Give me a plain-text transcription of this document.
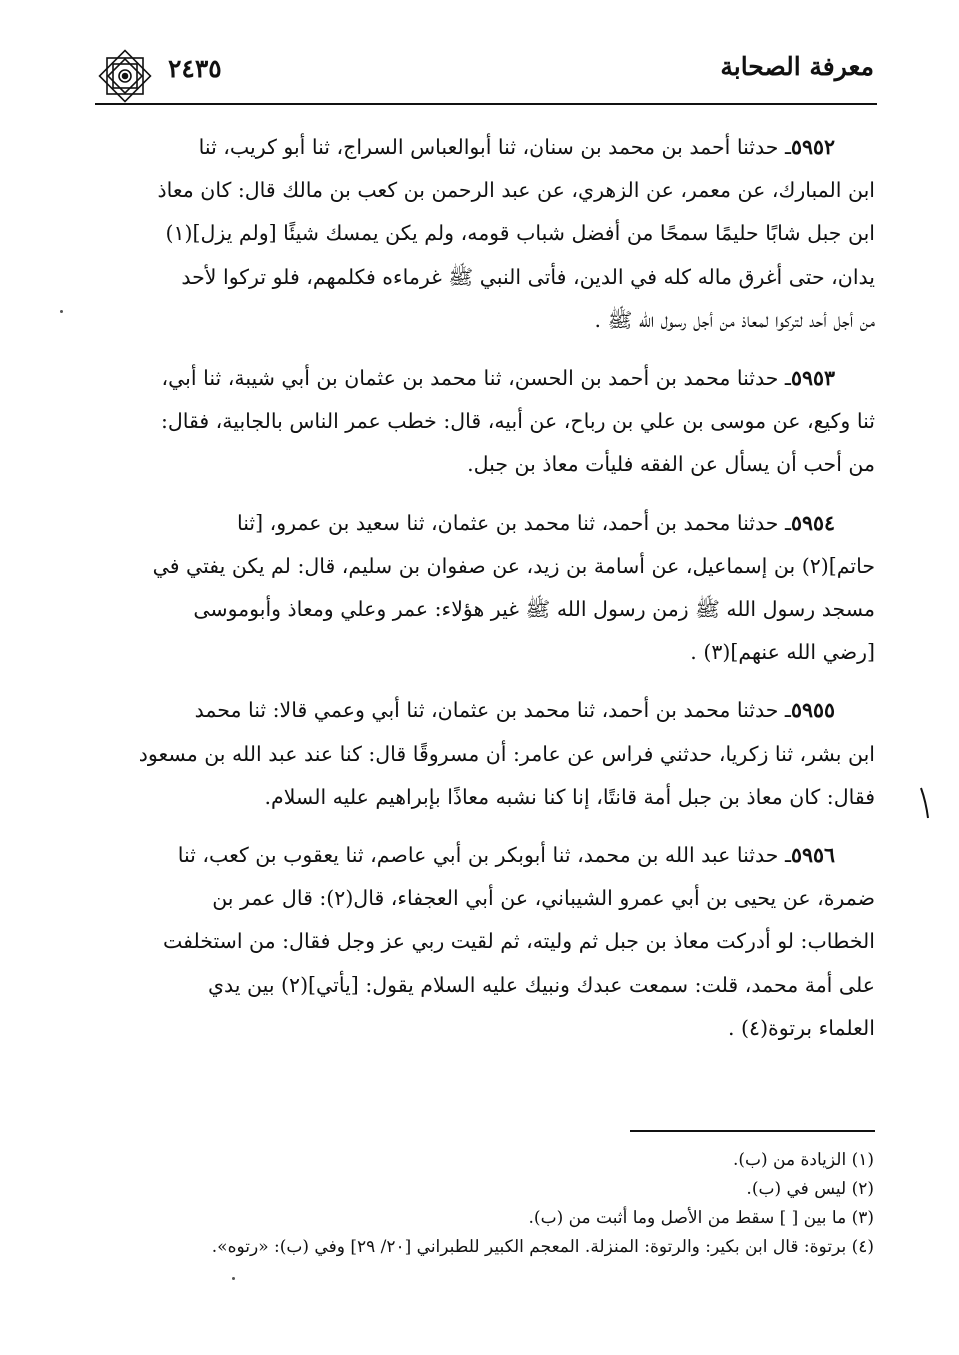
معرفة الصحابة
٢٤٣٥

٥٩٥٢ـ حدثنا أحمد بن محمد بن سنان، ثنا أبوالعباس السراج، ثنا أبو كريب، ثنا

ابن المبارك، عن معمر، عن الزهري، عن عبد الرحمن بن كعب بن مالك قال: كان معاذ

ابن جبل شابًا حليمًا سمحًا من أفضل شباب قومه، ولم يكن يمسك شيئًا [ولم يزل](١)

يدان، حتى أغرق ماله كله في الدين، فأتى النبي ﷺ غرماءه فكلمهم، فلو تركوا لأحد

من أجل أحد لتركوا لمعاذ من أجل رسول الله ﷺ .

٥٩٥٣ـ حدثنا محمد بن أحمد بن الحسن، ثنا محمد بن عثمان بن أبي شيبة، ثنا أبي،

ثنا وكيع، عن موسى بن علي بن رباح، عن أبيه، قال: خطب عمر الناس بالجابية، فقال:

من أحب أن يسأل عن الفقه فليأت معاذ بن جبل.

٥٩٥٤ـ حدثنا محمد بن أحمد، ثنا محمد بن عثمان، ثنا سعيد بن عمرو، [ثنا

حاتم](٢) بن إسماعيل، عن أسامة بن زيد، عن صفوان بن سليم، قال: لم يكن يفتي في

مسجد رسول الله ﷺ زمن رسول الله ﷺ غير هؤلاء: عمر وعلي ومعاذ وأبوموسى

[رضي الله عنهم](٣) .

٥٩٥٥ـ حدثنا محمد بن أحمد، ثنا محمد بن عثمان، ثنا أبي وعمي قالا: ثنا محمد

ابن بشر، ثنا زكريا، حدثني فراس عن عامر: أن مسروقًا قال: كنا عند عبد الله بن مسعود

فقال: كان معاذ بن جبل أمة قانتًا، إنا كنا نشبه معاذًا بإبراهيم عليه السلام.

٥٩٥٦ـ حدثنا عبد الله بن محمد، ثنا أبوبكر بن أبي عاصم، ثنا يعقوب بن كعب، ثنا

ضمرة، عن يحيى بن أبي عمرو الشيباني، عن أبي العجفاء، قال(٢): قال عمر بن

الخطاب: لو أدركت معاذ بن جبل ثم وليته، ثم لقيت ربي عز وجل فقال: من استخلفت

على أمة محمد، قلت: سمعت عبدك ونبيك عليه السلام يقول: [يأتي](٢) بين يدي

العلماء برتوة(٤) .

(١) الزيادة من (ب).

(٢) ليس في (ب).

(٣) ما بين [ ] سقط من الأصل وما أثبت من (ب).

(٤) برتوة: قال ابن بكير: والرتوة: المنزلة. المعجم الكبير للطبراني [٢٠/ ٢٩] وفي (ب): «رتوه».
